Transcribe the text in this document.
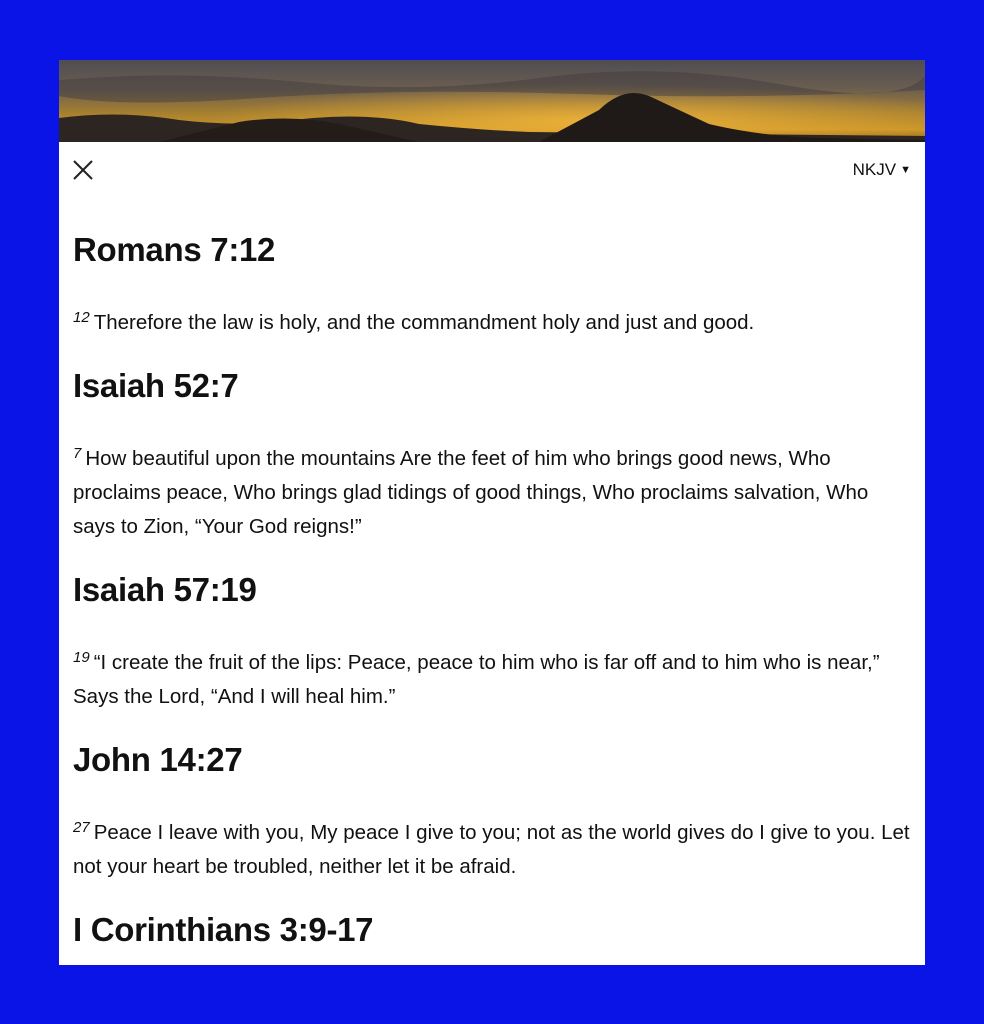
NKJV ▼
Romans 7:12

$^{12}$ Therefore the law is holy, and the commandment holy and just and good.

Isaiah 52:7

$^7$ How beautiful upon the mountains Are the feet of him who brings good news, Who proclaims peace, Who brings glad tidings of good things, Who proclaims salvation, Who says to Zion, “Your God reigns!”

Isaiah 57:19

$^{19}$ “I create the fruit of the lips: Peace, peace to him who is far off and to him who is near,” Says the Lord, “And I will heal him.”

John 14:27

$^{27}$ Peace I leave with you, My peace I give to you; not as the world gives do I give to you. Let not your heart be troubled, neither let it be afraid.

I Corinthians 3:9-17
